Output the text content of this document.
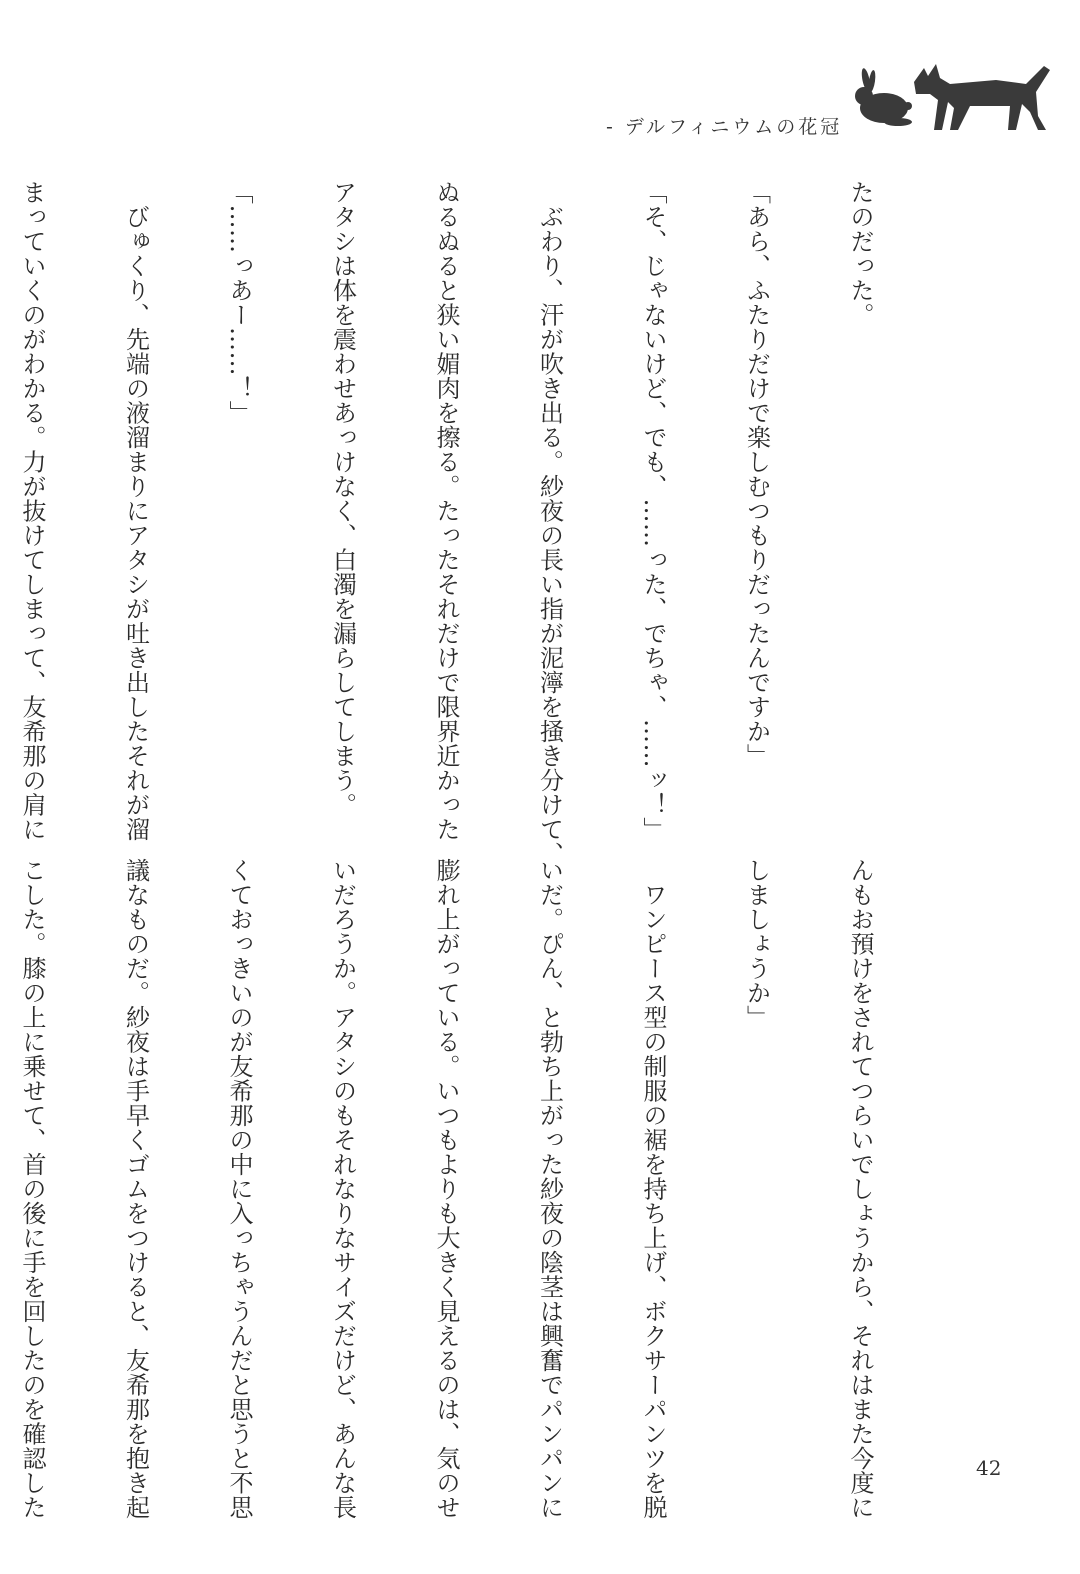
- デルフィニウムの花冠

たのだった。

「あら、ふたりだけで楽しむつもりだったんですか」

「そ、じゃないけど、でも、……った、でちゃ、……ッ！」

　ぶわり、汗が吹き出る。紗夜の長い指が泥濘を掻き分けて、

ぬるぬると狭い媚肉を擦る。たったそれだけで限界近かった

アタシは体を震わせあっけなく、白濁を漏らしてしまう。

「……っあー……！」

　びゅくり、先端の液溜まりにアタシが吐き出したそれが溜

まっていくのがわかる。力が抜けてしまって、友希那の肩に

んもお預けをされてつらいでしょうから、それはまた今度に

しましょうか」

　ワンピース型の制服の裾を持ち上げ、ボクサーパンツを脱

いだ。ぴん、と勃ち上がった紗夜の陰茎は興奮でパンパンに

膨れ上がっている。いつもよりも大きく見えるのは、気のせ

いだろうか。アタシのもそれなりなサイズだけど、あんな長

くておっきいのが友希那の中に入っちゃうんだと思うと不思

議なものだ。紗夜は手早くゴムをつけると、友希那を抱き起

こした。膝の上に乗せて、首の後に手を回したのを確認した

	42
